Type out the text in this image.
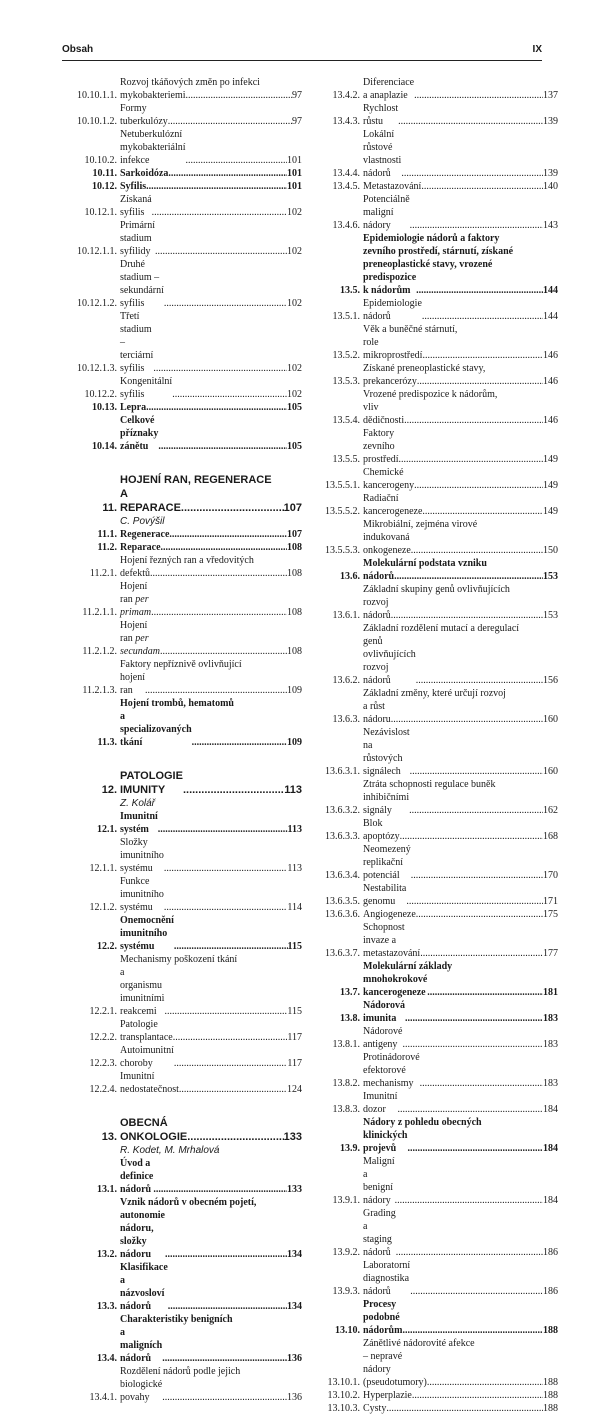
Obsah	IX
10.10.1.1.
Rozvoj tkáňových změn po infekci
mykobakteriemi .....	97
10.10.1.2.
Formy tuberkulózy .....	97
10.10.2.
Netuberkulózní mykobakteriální infekce .....	101
10.11. Sarkoidóza .....	101
10.12. Syfilis .....	101
10.12.1.
Získaná syfilis .....	102
10.12.1.1.
Primární stadium syfilidy .....	102
10.12.1.2.
Druhé stadium – sekundární syfilis .....	102
10.12.1.3.
Třetí stadium – terciární syfilis .....	102
10.12.2.
Kongenitální syfilis .....	102
10.13. Lepra .....	105
10.14.
Celkové příznaky zánětu .....	105
11.
HOJENÍ RAN, REGENERACE
A REPARACE .....	107
C. Povýšil
11.1. Regenerace .....	107
11.2. Reparace .....	108
11.2.1.
Hojení řezných ran a vředovitých
defektů .....	108
11.2.1.1.
Hojení ran per primam .....	108
11.2.1.2.
Hojení ran per secundam .....	108
11.2.1.3.
Faktory nepříznivě ovlivňující
hojení ran .....	109
11.3.
Hojení trombů, hematomů
a specializovaných tkání .....	109
12.
PATOLOGIE IMUNITY .....	113
Z. Kolář
12.1.
Imunitní systém .....	113
12.1.1.
Složky imunitního systému .....	113
12.1.2.
Funkce imunitního systému .....	114
12.2.
Onemocnění imunitního systému .....	115
12.2.1.
Mechanismy poškození tkání
a organismu imunitními reakcemi .....	115
12.2.2.
Patologie transplantace .....	117
12.2.3.
Autoimunitní choroby .....	117
12.2.4.
Imunitní nedostatečnost .....	124
13.
OBECNÁ ONKOLOGIE .....	133
R. Kodet, M. Mrhalová
13.1.
Úvod a definice nádorů .....	133
13.2.
Vznik nádorů v obecném pojetí,
autonomie nádoru, složky nádoru .....	134
13.3.
Klasifikace a názvosloví nádorů .....	134
13.4.
Charakteristiky benigních
a maligních nádorů .....	136
13.4.1.
Rozdělení nádorů podle jejich
biologické povahy .....	136
13.4.2.
Diferenciace a anaplazie .....	137
13.4.3.
Rychlost růstu .....	139
13.4.4.
Lokální růstové vlastnosti nádorů .....	139
13.4.5. Metastazování .....	140
13.4.6.
Potenciálně maligní nádory .....	143
13.5.
Epidemiologie nádorů a faktory
zevního prostředí, stárnutí, získané
preneoplastické stavy, vrozené
predispozice k nádorům .....	144
13.5.1.
Epidemiologie nádorů .....	144
13.5.2.
Věk a buněčné stárnutí,
role mikroprostředí .....	146
13.5.3.
Získané preneoplastické stavy,
prekancerózy .....	146
13.5.4.
Vrozené predispozice k nádorům,
vliv dědičnosti .....	146
13.5.5.
Faktory zevního prostředí .....	149
13.5.5.1.
Chemické kancerogeny .....	149
13.5.5.2.
Radiační kancerogeneze .....	149
13.5.5.3.
Mikrobiální, zejména virové
indukovaná onkogeneze .....	150
13.6.
Molekulární podstata vzniku
nádorů .....	153
13.6.1.
Základní skupiny genů ovlivňujících
rozvoj nádorů .....	153
13.6.2.
Základní rozdělení mutací a deregulací
genů ovlivňujících rozvoj nádorů .....	156
13.6.3.
Základní změny, které určují rozvoj
a růst nádoru .....	160
13.6.3.1.
Nezávislost na růstových signálech .....	160
13.6.3.2.
Ztráta schopnosti regulace buněk
inhibičními signály .....	162
13.6.3.3.
Blok apoptózy .....	168
13.6.3.4.
Neomezený replikační potenciál .....	170
13.6.3.5.
Nestabilita genomu .....	171
13.6.3.6. Angiogeneze .....	175
13.6.3.7.
Schopnost invaze a metastazování .....	177
13.7.
Molekulární základy
mnohokrokové kancerogeneze .....	181
13.8.
Nádorová imunita .....	183
13.8.1.
Nádorové antigeny .....	183
13.8.2.
Protinádorové efektorové mechanismy .....	183
13.8.3.
Imunitní dozor .....	184
13.9.
Nádory z pohledu obecných
klinických projevů .....	184
13.9.1.
Maligní a benigní nádory .....	184
13.9.2.
Grading a staging nádorů .....	186
13.9.3.
Laboratorní diagnostika nádorů .....	186
13.10.
Procesy podobné nádorům .....	188
13.10.1.
Zánětlivé nádorovité afekce
– nepravé nádory (pseudotumory) .....	188
13.10.2. Hyperplazie .....	188
13.10.3. Cysty .....	188
